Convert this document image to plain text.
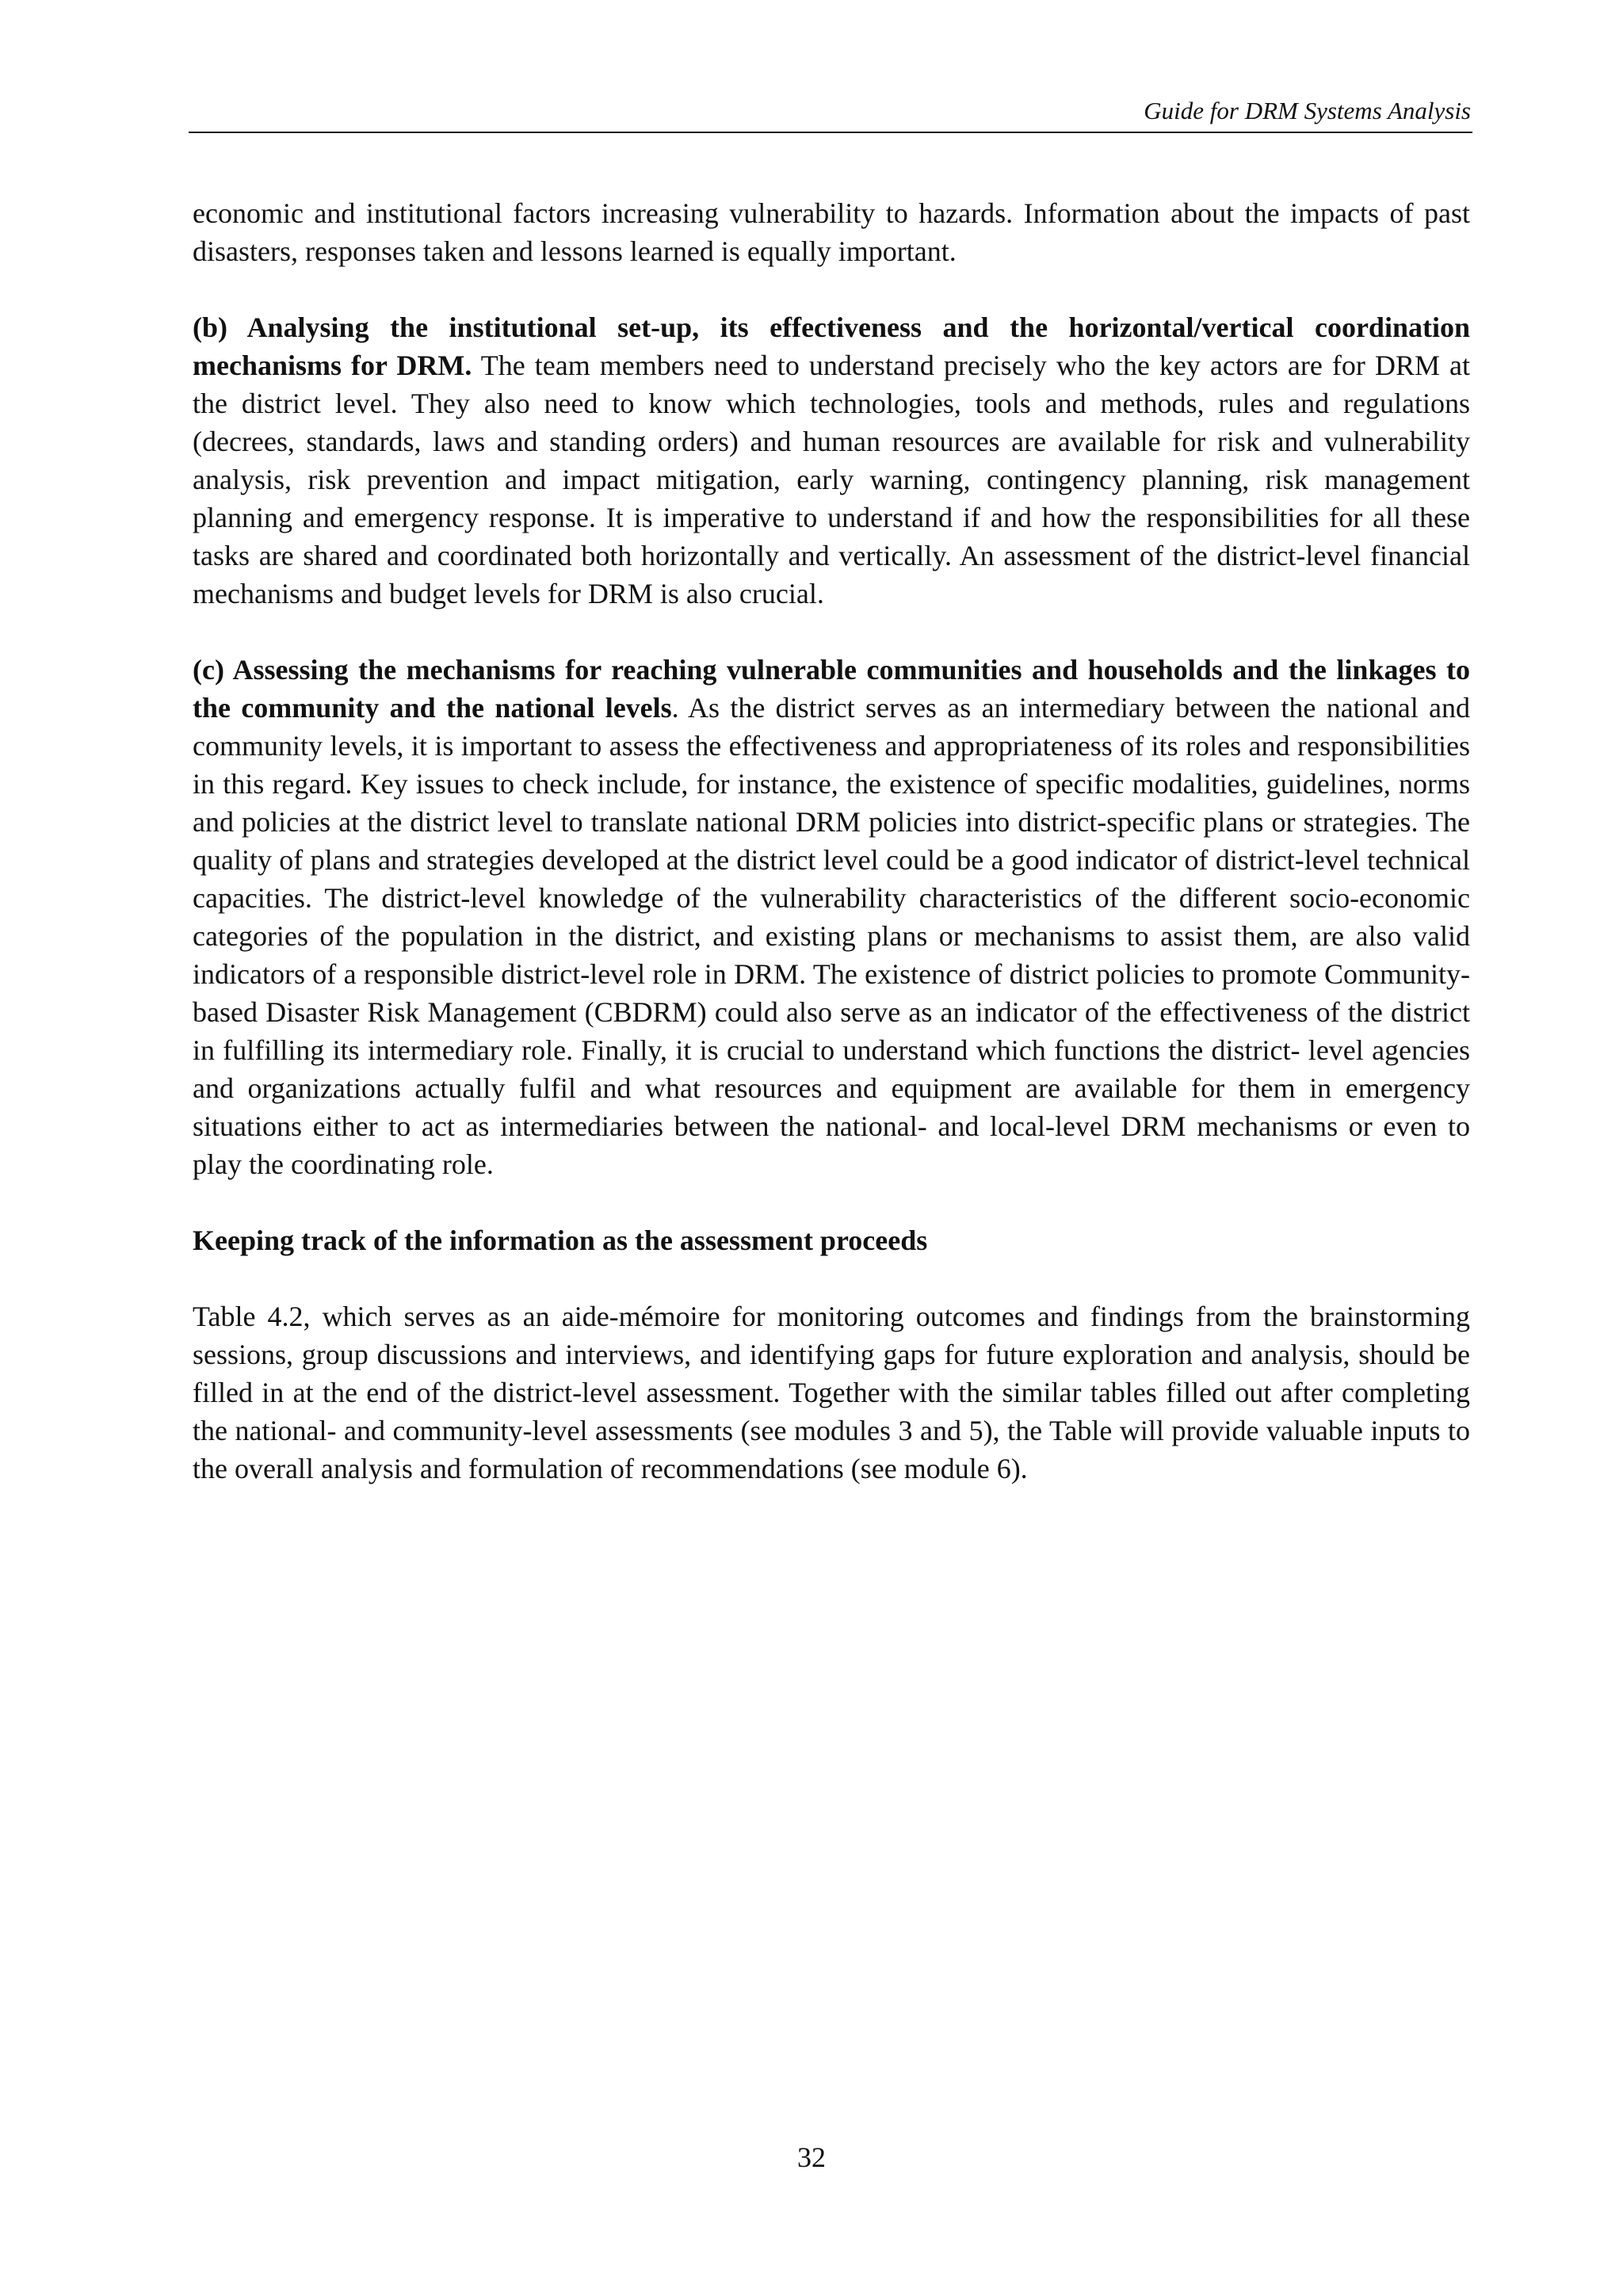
Guide for DRM Systems Analysis

economic and institutional factors increasing vulnerability to hazards. Information about the impacts of past disasters, responses taken and lessons learned is equally important.

(b) Analysing the institutional set-up, its effectiveness and the horizontal/vertical coordination mechanisms for DRM. The team members need to understand precisely who the key actors are for DRM at the district level. They also need to know which technologies, tools and methods, rules and regulations (decrees, standards, laws and standing orders) and human resources are available for risk and vulnerability analysis, risk prevention and impact mitigation, early warning, contingency planning, risk management planning and emergency response. It is imperative to understand if and how the responsibilities for all these tasks are shared and coordinated both horizontally and vertically. An assessment of the district-level financial mechanisms and budget levels for DRM is also crucial.

(c) Assessing the mechanisms for reaching vulnerable communities and households and the linkages to the community and the national levels. As the district serves as an intermediary between the national and community levels, it is important to assess the effectiveness and appropriateness of its roles and responsibilities in this regard. Key issues to check include, for instance, the existence of specific modalities, guidelines, norms and policies at the district level to translate national DRM policies into district-specific plans or strategies. The quality of plans and strategies developed at the district level could be a good indicator of district-level technical capacities. The district-level knowledge of the vulnerability characteristics of the different socio-economic categories of the population in the district, and existing plans or mechanisms to assist them, are also valid indicators of a responsible district-level role in DRM. The existence of district policies to promote Community-based Disaster Risk Management (CBDRM) could also serve as an indicator of the effectiveness of the district in fulfilling its intermediary role. Finally, it is crucial to understand which functions the district- level agencies and organizations actually fulfil and what resources and equipment are available for them in emergency situations either to act as intermediaries between the national- and local-level DRM mechanisms or even to play the coordinating role.

Keeping track of the information as the assessment proceeds

Table 4.2, which serves as an aide-mémoire for monitoring outcomes and findings from the brainstorming sessions, group discussions and interviews, and identifying gaps for future exploration and analysis, should be filled in at the end of the district-level assessment. Together with the similar tables filled out after completing the national- and community-level assessments (see modules 3 and 5), the Table will provide valuable inputs to the overall analysis and formulation of recommendations (see module 6).

32
